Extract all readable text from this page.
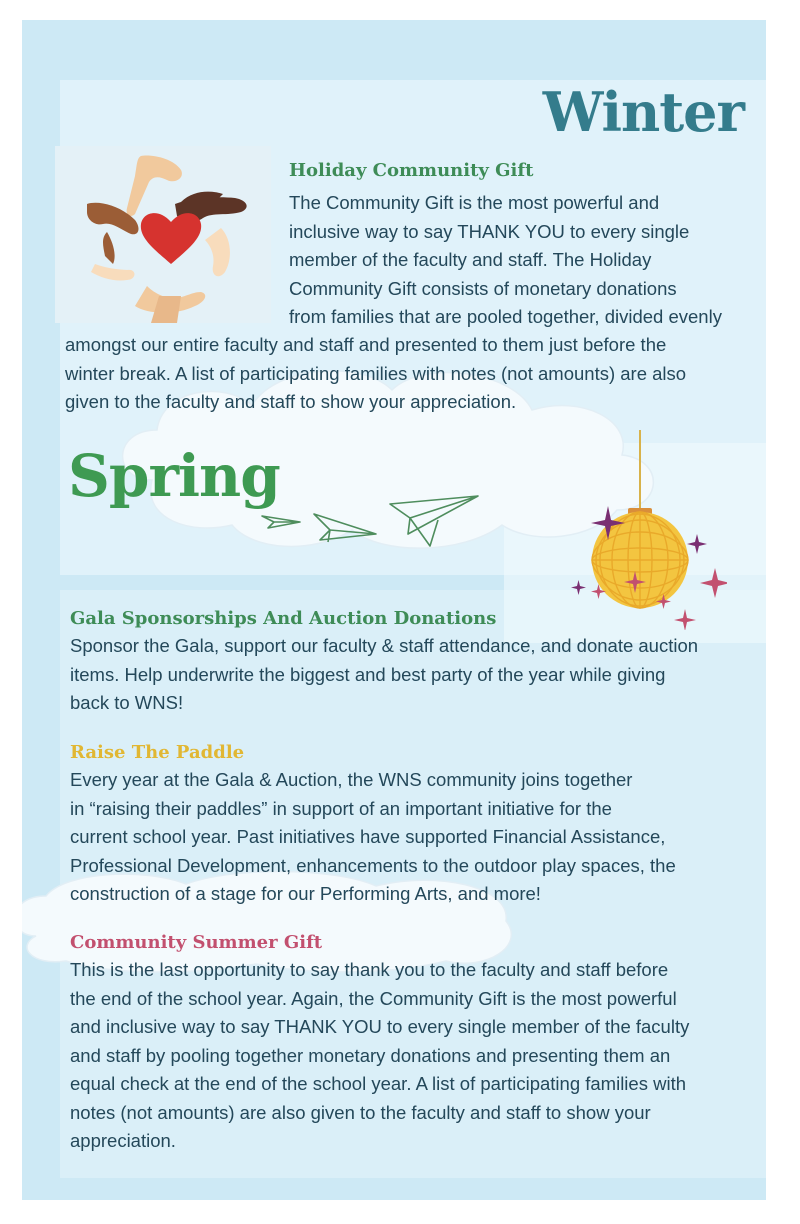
Winter
Holiday Community Gift

The Community Gift is the most powerful and

inclusive way to say THANK YOU to every single

member of the faculty and staff. The Holiday

Community Gift consists of monetary donations

from families that are pooled together, divided evenly

amongst our entire faculty and staff and presented to them just before the

winter break. A list of participating families with notes (not amounts) are also

given to the faculty and staff to show your appreciation.

Spring
Gala Sponsorships And Auction Donations

Sponsor the Gala, support our faculty & staff attendance, and donate auction

items. Help underwrite the biggest and best party of the year while giving

back to WNS!

Raise The Paddle

Every year at the Gala & Auction, the WNS community joins together

in “raising their paddles” in support of an important initiative for the

current school year. Past initiatives have supported Financial Assistance,

Professional Development, enhancements to the outdoor play spaces, the

construction of a stage for our Performing Arts, and more!

Community Summer Gift

This is the last opportunity to say thank you to the faculty and staff before

the end of the school year. Again, the Community Gift is the most powerful

and inclusive way to say THANK YOU to every single member of the faculty

and staff by pooling together monetary donations and presenting them an

equal check at the end of the school year. A list of participating families with

notes (not amounts) are also given to the faculty and staff to show your

appreciation.
